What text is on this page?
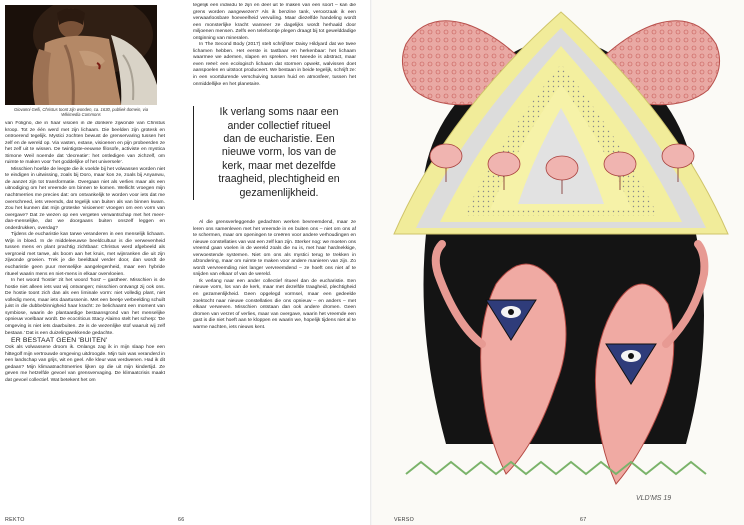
Giovanni Gelli, Christus toont zijn wonden, ca. 1630, publiek domein, via Wikimedia Commons

van Foligno, die in haar visioen in de donkere zijwonde van Christus kroop. Tot ze één werd met zijn lichaam. Die beelden zijn grotesk en ontroerend tegelijk. Mystici zochten bewust de grenservaring tussen het zelf en de wereld op. Via vasten, extase, visioenen en pijn probeerden ze het zelf uit te wissen. De twintigste-eeuwse filosofe, activiste en mystica Simone Weil noemde dat 'decreatie': het ontledigen van zichzelf, om ruimte te maken voor 'het goddelijke of het universele'.

Misschien hoefde de leegte die ik voelde bij het volwassen worden niet te eindigen in uitwissing, zoals bij Doro, maar kon ze, zoals bij Anyanwu, de aanzet zijn tot transformatie. Overgaan niet als verlies maar als een uitnodiging om het vreemde om binnen te komen. Wellicht vroegen mijn nachtmerries me precies dat: om ontvankelijk te worden voor iets dat me overschreed, iets vreemds, dat tegelijk van buiten als van binnen kwam. Zou het kunnen dat mijn groteske 'visioenen' vroegen om een vorm van overgave? Dat ze wezen op een vergeten verwantschap met het meer-dan-menselijke, dat we doorgaans buiten onszelf leggen en onderdrukken, overdag?

Tijdens de eucharistie kan tarwe veranderen in een menselijk lichaam. Wijn in bloed. In de middeleeuwse beeldcultuur is die verwevenheid tussen mens en plant prachtig zichtbaar: Christus werd afgebeeld als vergroeid met tarwe, als boom aan het kruis, met wijnranken die uit zijn zijwonde groeien. Trek je die beeldtaal verder door, dan wordt de eucharistie geen puur menselijke aangelegenheid, maar een hybride ritueel waarin mens en niet-mens in elkaar overvloeien.

In het woord 'hostie' zit het woord 'host' – gastheer. Misschien is de hostie niet alleen iets wat wij ontvangen; misschien ontvangt zij ook ons. De hostie toont zich dan als een liminale vorm: niet volledig plant, niet volledig mens, maar iets daartussenin. Met een beetje verbeelding schuilt juist in die dubbelzinnigheid haar kracht: ze belichaamt een moment van symbiose, waarin de plantaardige bestaansgrond van het menselijke opnieuw voelbaar wordt. De ecocriticus Stacy Alaimo stelt het scherp: 'De omgeving is niet iets daarbuiten. Ze is de wezenlijke stof waaruit wij zelf bestaan.' Dat is een duizelingwekkende gedachte.

ER BESTAAT GEEN 'BUITEN'

Ook als volwassene droom ik. Onlangs zag ik in mijn slaap hoe een hittegolf mijn vertrouwde omgeving uitdroogde. Mijn tuin was veranderd in een landschap van grijs, wit en geel. Alle kleur was verdwenen. Had ik dit gedaan? Mijn klimaatnachtmerries lijken op die uit mijn kindertijd. Ze geven me hetzelfde gevoel van grensvervaging. De klimaatcrisis maakt dat gevoel collectief. Wat betekent het om

tegelijk een individu te zijn en deel uit te maken van een soort – kan die grens worden aangewezen? Als ik benzine tank, veroorzaak ik een verwaarloosbare hoeveelheid vervuiling. Maar diezelfde handeling wordt een monsterlijke kracht wanneer ze dagelijks wordt herhaald door miljoenen mensen. Zelfs een telefoontje plegen draagt bij tot gewelddadige ontginning van mineralen.

In The Second Body (2017) stelt schrijfster Daisy Hildyard dat we twee lichamen hebben. Het eerste is tastbaar en herkenbaar: het lichaam waarmee we ademen, slapen en spreken. Het tweede is abstract, maar even reëel: een ecologisch lichaam dat stormen opwekt, walvissen doet aanspoelen en uitstoot produceert. We bestaan in beide tegelijk, schrijft ze: in een voortdurende verschuiving tussen huid en atmosfeer, tussen het onmiddellijke en het planetaire.

Ik verlang soms naar een
ander collectief ritueel
dan de eucharistie. Een
nieuwe vorm, los van de
kerk, maar met dezelfde
traagheid, plechtigheid en
gezamenlijkheid.

Al die grensverleggende gedachten werken bevreemdend, maar ze leren ons samenleven met het vreemde in en buiten ons – niet om ons af te schermen, maar om openingen te creëren voor andere verhoudingen en nieuwe constellaties van wat een zelf kan zijn. Sterker nog: we moeten ons vreemd gaan voelen in de wereld zoals die nu is, met haar hardnekkige, verwoestende systemen. Niet om ons als mystici terug te trekken in afzondering, maar om ruimte te maken voor andere manieren van zijn. Zo wordt vervreemding niet langer vervreemdend – ze hoeft ons niet af te snijden van elkaar of van de wereld.

Ik verlang naar een ander collectief ritueel dan de eucharistie. Een nieuwe vorm, los van de kerk, maar met dezelfde traagheid, plechtigheid en gezamenlijkheid. Geen opgelegd vormsel, maar een gedeelde zoektocht naar nieuwe constellaties die ons opnieuw – en anders – met elkaar verweven. Misschien ontstaan dan ook andere dromen. Geen dromen van verzet of verlies, maar van overgave, waarin het vreemde een gast is die niet hoeft aan te kloppen en waarin we, hopelijk tijdens niet al te warme nachten, iets nieuws kent.

REKTO	66
VLD'MS 19
VERSO	67
